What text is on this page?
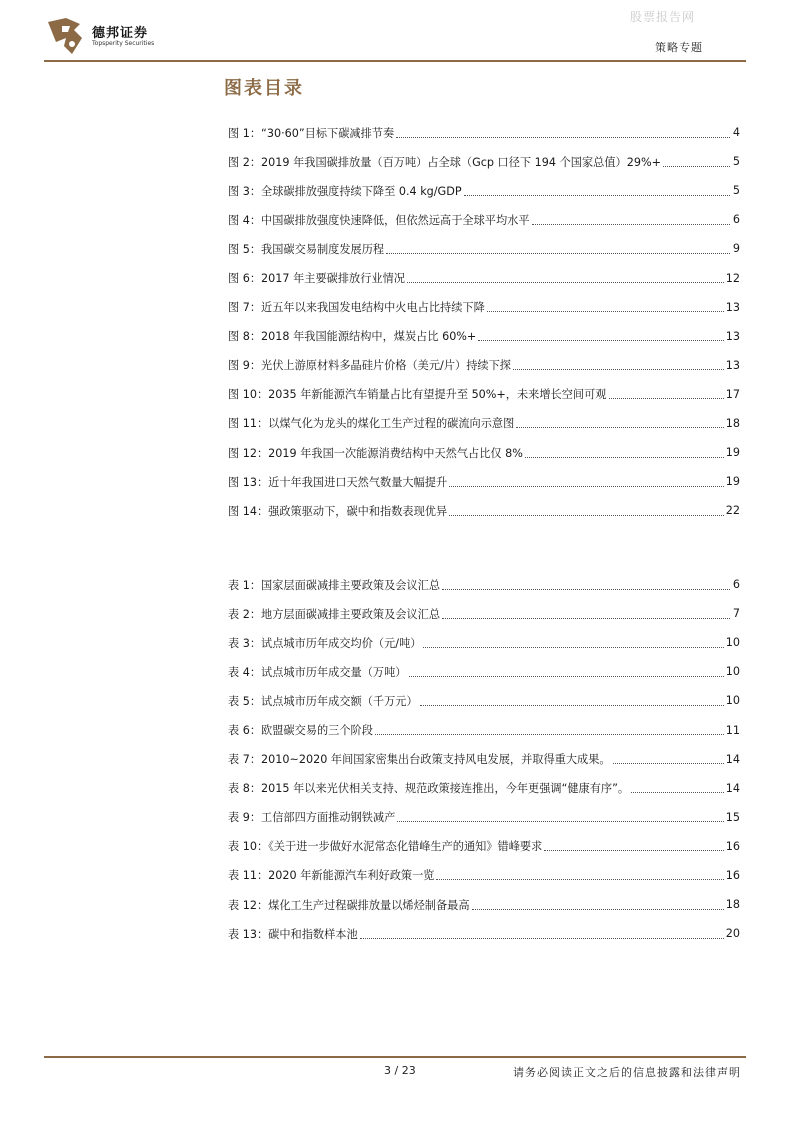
股票报告网
德邦证券
Topsperity Securities	策略专题
图表目录
图 1：“30·60”目标下碳减排节奏	4
图 2：2019 年我国碳排放量（百万吨）占全球（Gcp 口径下 194 个国家总值）29%+	5
图 3：全球碳排放强度持续下降至 0.4 kg/GDP	5
图 4：中国碳排放强度快速降低，但依然远高于全球平均水平	6
图 5：我国碳交易制度发展历程	9
图 6：2017 年主要碳排放行业情况	12
图 7：近五年以来我国发电结构中火电占比持续下降	13
图 8：2018 年我国能源结构中，煤炭占比 60%+	13
图 9：光伏上游原材料多晶硅片价格（美元/片）持续下探	13
图 10：2035 年新能源汽车销量占比有望提升至 50%+，未来增长空间可观	17
图 11：以煤气化为龙头的煤化工生产过程的碳流向示意图	18
图 12：2019 年我国一次能源消费结构中天然气占比仅 8%	19
图 13：近十年我国进口天然气数量大幅提升	19
图 14：强政策驱动下，碳中和指数表现优异	22
表 1：国家层面碳减排主要政策及会议汇总	6
表 2：地方层面碳减排主要政策及会议汇总	7
表 3：试点城市历年成交均价（元/吨）	10
表 4：试点城市历年成交量（万吨）	10
表 5：试点城市历年成交额（千万元）	10
表 6：欧盟碳交易的三个阶段	11
表 7：2010~2020 年间国家密集出台政策支持风电发展，并取得重大成果。	14
表 8：2015 年以来光伏相关支持、规范政策接连推出，今年更强调“健康有序”。	14
表 9：工信部四方面推动钢铁减产	15
表 10：《关于进一步做好水泥常态化错峰生产的通知》错峰要求	16
表 11：2020 年新能源汽车利好政策一览	16
表 12：煤化工生产过程碳排放量以烯烃制备最高	18
表 13：碳中和指数样本池	20
3 / 23	请务必阅读正文之后的信息披露和法律声明
